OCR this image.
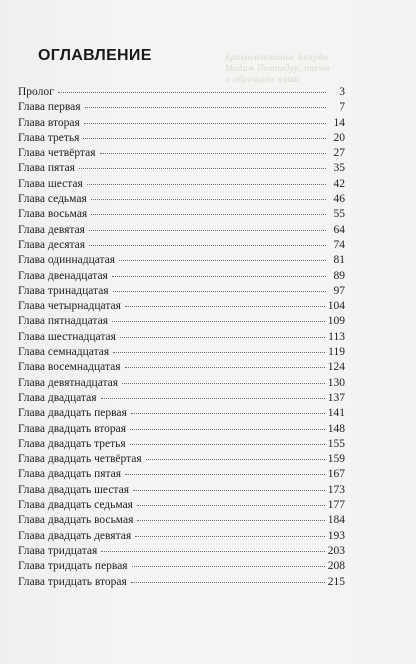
Бракосочетание Баярди
Мадам Помпадур, пасчы
и обращали наши
ОГЛАВЛЕНИЕ
Пролог	3
Глава первая	7
Глава вторая	14
Глава третья	20
Глава четвёртая	27
Глава пятая	35
Глава шестая	42
Глава седьмая	46
Глава восьмая	55
Глава девятая	64
Глава десятая	74
Глава одиннадцатая	81
Глава двенадцатая	89
Глава тринадцатая	97
Глава четырнадцатая	104
Глава пятнадцатая	109
Глава шестнадцатая	113
Глава семнадцатая	119
Глава восемнадцатая	124
Глава девятнадцатая	130
Глава двадцатая	137
Глава двадцать первая	141
Глава двадцать вторая	148
Глава двадцать третья	155
Глава двадцать четвёртая	159
Глава двадцать пятая	167
Глава двадцать шестая	173
Глава двадцать седьмая	177
Глава двадцать восьмая	184
Глава двадцать девятая	193
Глава тридцатая	203
Глава тридцать первая	208
Глава тридцать вторая	215
